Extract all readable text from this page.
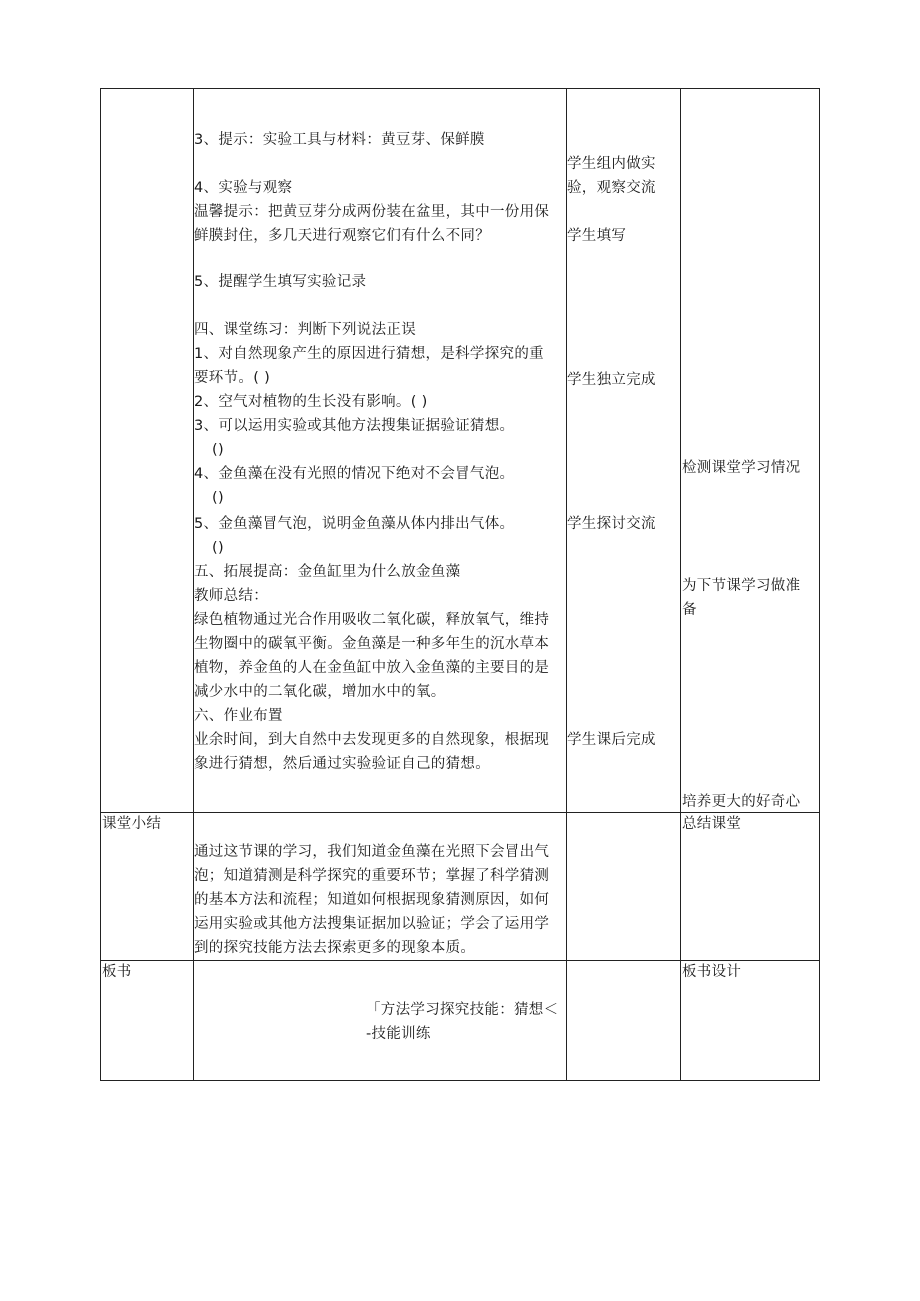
3、提示：实验工具与材料：黄豆芽、保鲜膜
4、实验与观察
温馨提示：把黄豆芽分成两份装在盆里，其中一份用保
鲜膜封住，多几天进行观察它们有什么不同？
5、提醒学生填写实验记录
四、课堂练习：判断下列说法正误
1、对自然现象产生的原因进行猜想，是科学探究的重
要环节。( )
2、空气对植物的生长没有影响。( )
3、可以运用实验或其他方法搜集证据验证猜想。
()
4、金鱼藻在没有光照的情况下绝对不会冒气泡。
()
5、金鱼藻冒气泡，说明金鱼藻从体内排出气体。
()
五、拓展提高：金鱼缸里为什么放金鱼藻
教师总结：
绿色植物通过光合作用吸收二氧化碳，释放氧气，维持
生物圈中的碳氧平衡。金鱼藻是一种多年生的沉水草本
植物，养金鱼的人在金鱼缸中放入金鱼藻的主要目的是
减少水中的二氧化碳，增加水中的氧。
六、作业布置
业余时间，到大自然中去发现更多的自然现象，根据现
象进行猜想，然后通过实验验证自己的猜想。
学生组内做实
验，观察交流
学生填写
学生独立完成
学生探讨交流
学生课后完成
检测课堂学习情况
为下节课学习做准
备
培养更大的好奇心
课堂小结
通过这节课的学习，我们知道金鱼藻在光照下会冒出气
泡；知道猜测是科学探究的重要环节；掌握了科学猜测
的基本方法和流程；知道如何根据现象猜测原因，如何
运用实验或其他方法搜集证据加以验证；学会了运用学
到的探究技能方法去探索更多的现象本质。
总结课堂
板书
「方法学习探究技能：猜想＜
-技能训练
板书设计
